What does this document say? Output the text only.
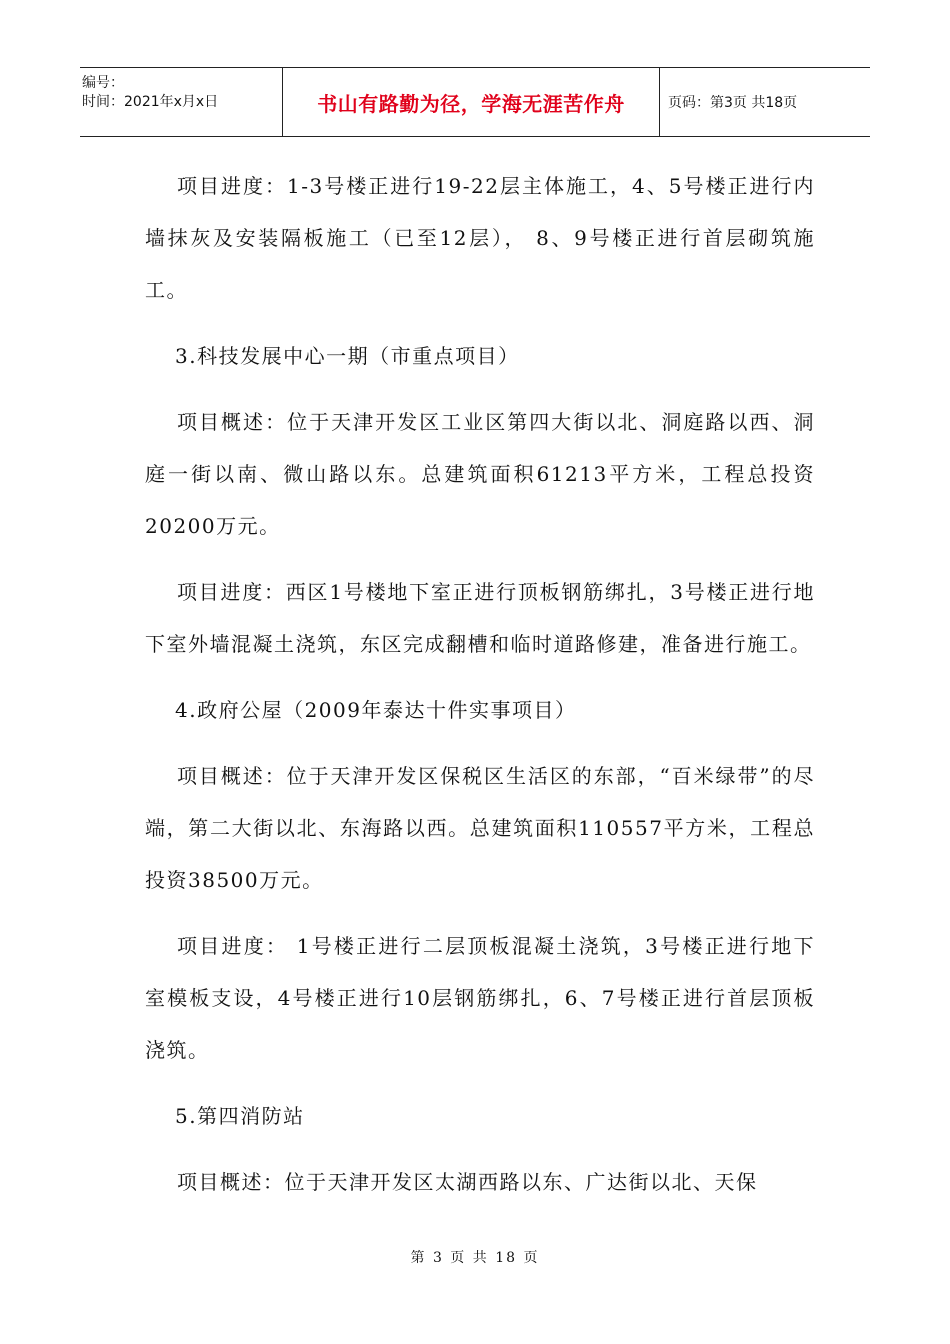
编号：
时间：2021年x月x日	书山有路勤为径，学海无涯苦作舟	页码：第3页 共18页

项目进度：1-3号楼正进行19-22层主体施工，4、5号楼正进行内墙抹灰及安装隔板施工（已至12层）， 8、9号楼正进行首层砌筑施工。

3.科技发展中心一期（市重点项目）

项目概述：位于天津开发区工业区第四大街以北、洞庭路以西、洞庭一街以南、微山路以东。总建筑面积61213平方米，工程总投资20200万元。

项目进度：西区1号楼地下室正进行顶板钢筋绑扎，3号楼正进行地下室外墙混凝土浇筑，东区完成翻槽和临时道路修建，准备进行施工。

4.政府公屋（2009年泰达十件实事项目）

项目概述：位于天津开发区保税区生活区的东部，“百米绿带”的尽端，第二大街以北、东海路以西。总建筑面积110557平方米，工程总投资38500万元。

项目进度： 1号楼正进行二层顶板混凝土浇筑，3号楼正进行地下室模板支设，4号楼正进行10层钢筋绑扎，6、7号楼正进行首层顶板浇筑。

5.第四消防站

项目概述：位于天津开发区太湖西路以东、广达街以北、天保

第 3 页 共 18 页
